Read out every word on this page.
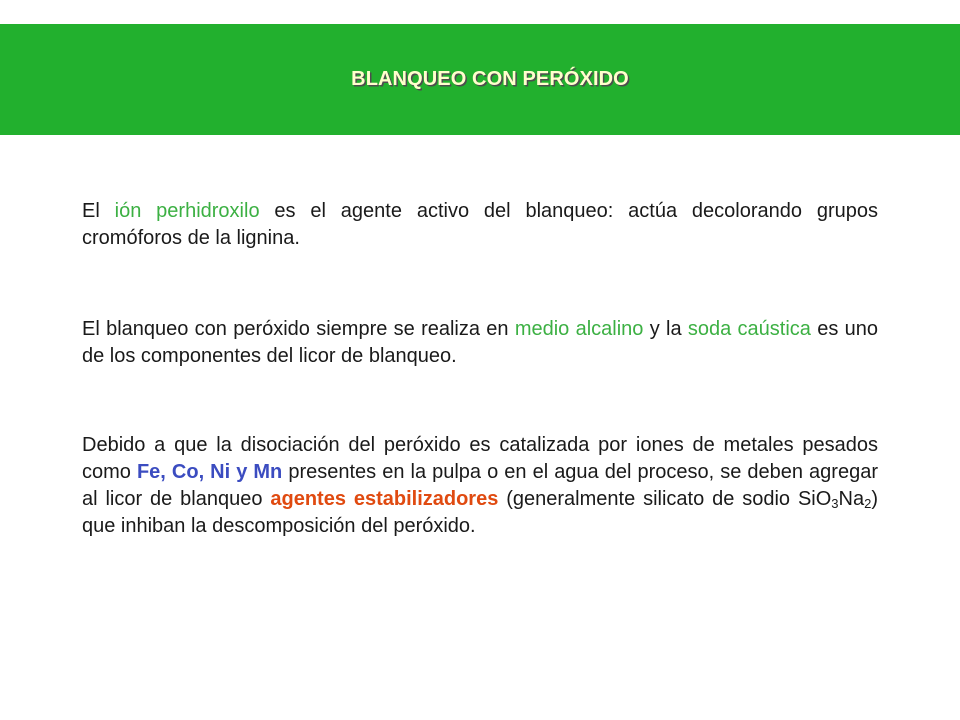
BLANQUEO CON PERÓXIDO

El ión perhidroxilo es el agente activo del blanqueo: actúa decolorando grupos cromóforos de la lignina.

El blanqueo con peróxido siempre se realiza en medio alcalino y la soda caústica es uno de los componentes del licor de blanqueo.

Debido a que la disociación del peróxido es catalizada por iones de metales pesados como Fe, Co, Ni y Mn presentes en la pulpa o en el agua del proceso, se deben agregar al licor de blanqueo agentes estabilizadores (generalmente silicato de sodio $SiO_3Na_2$) que inhiban la descomposición del peróxido.
